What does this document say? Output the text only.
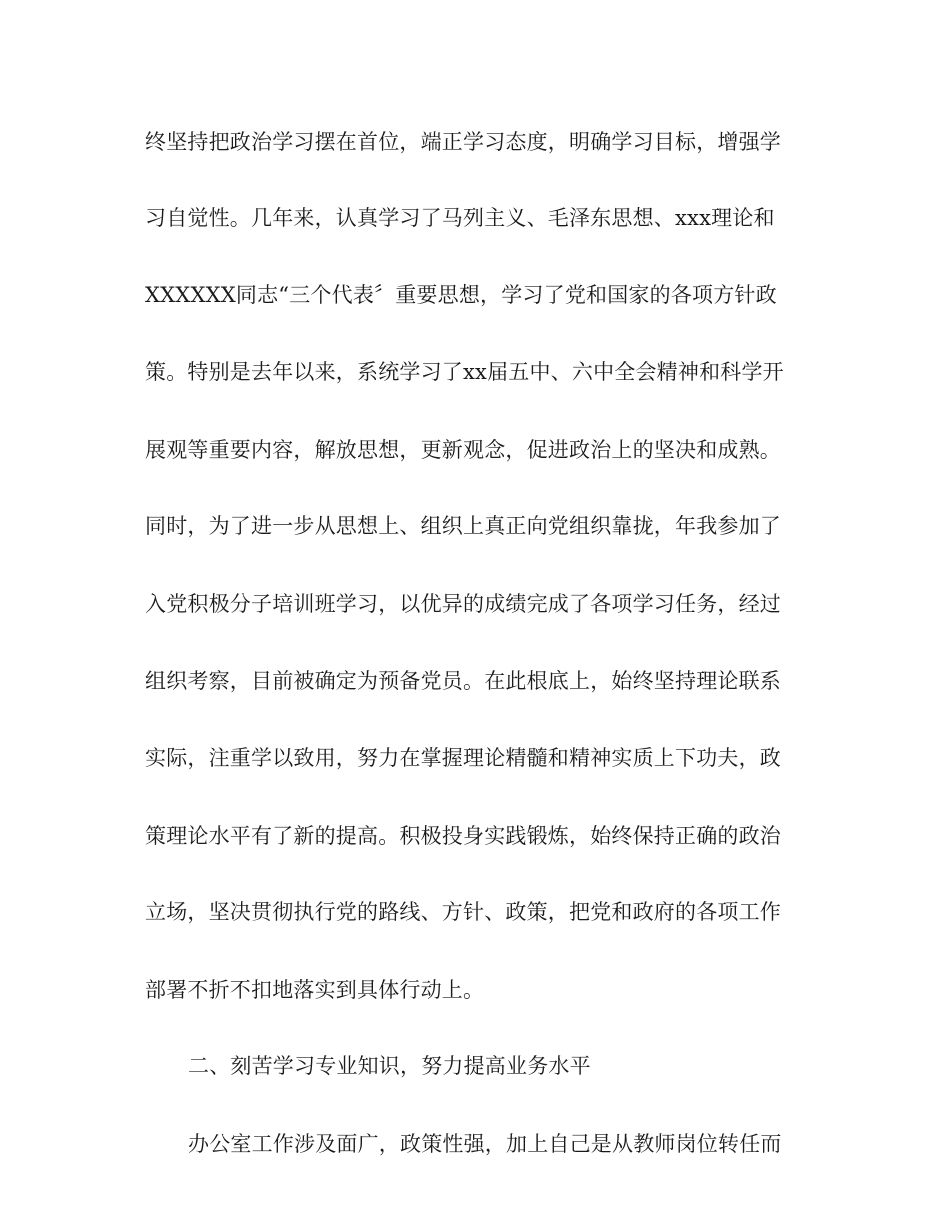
终坚持把政治学习摆在首位，端正学习态度，明确学习目标，增强学
习自觉性。几年来，认真学习了马列主义、毛泽东思想、xxx理论和
XXXXXX同志“三个代表〞重要思想，学习了党和国家的各项方针政
策。特别是去年以来，系统学习了xx届五中、六中全会精神和科学开
展观等重要内容，解放思想，更新观念，促进政治上的坚决和成熟。
同时，为了进一步从思想上、组织上真正向党组织靠拢，年我参加了
入党积极分子培训班学习，以优异的成绩完成了各项学习任务，经过
组织考察，目前被确定为预备党员。在此根底上，始终坚持理论联系
实际，注重学以致用，努力在掌握理论精髓和精神实质上下功夫，政
策理论水平有了新的提高。积极投身实践锻炼，始终保持正确的政治
立场，坚决贯彻执行党的路线、方针、政策，把党和政府的各项工作
部署不折不扣地落实到具体行动上。
二、刻苦学习专业知识，努力提高业务水平
办公室工作涉及面广，政策性强，加上自己是从教师岗位转任而
